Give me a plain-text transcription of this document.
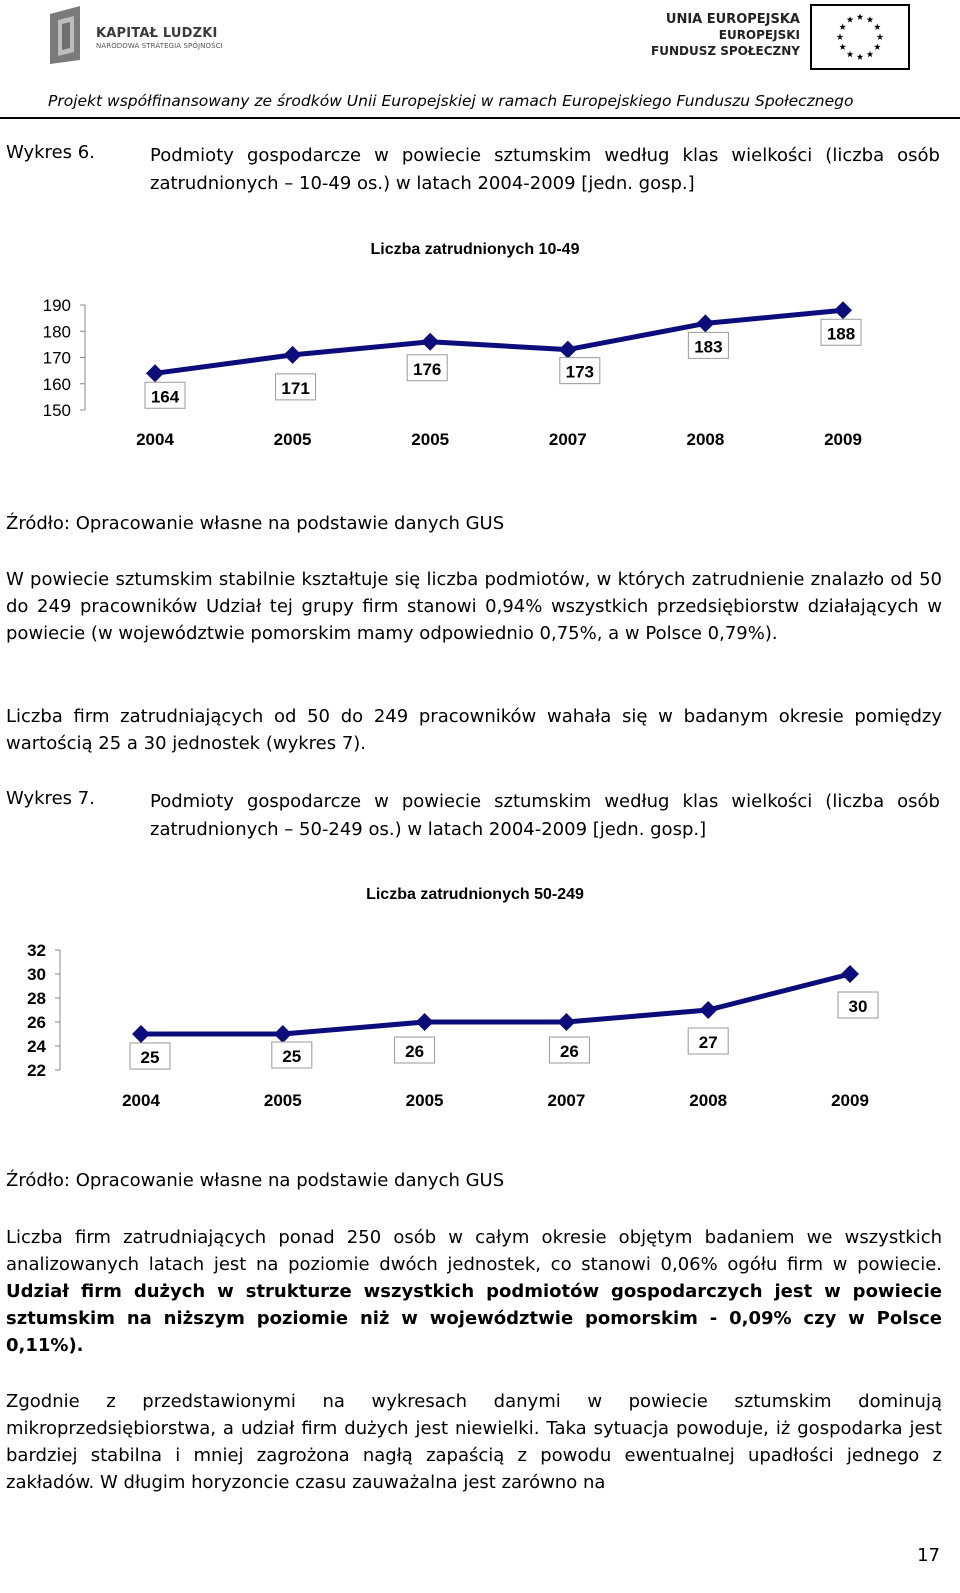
KAPITAŁ LUDZKI
NARODOWA STRATEGIA SPÓJNOŚCI
UNIA EUROPEJSKA
EUROPEJSKI
FUNDUSZ SPOŁECZNY
Projekt współfinansowany ze środków Unii Europejskiej w ramach Europejskiego Funduszu Społecznego
Wykres 6.	Podmioty gospodarcze w powiecie sztumskim według klas wielkości (liczba osób zatrudnionych – 10-49 os.) w latach 2004-2009 [jedn. gosp.]
Liczba zatrudnionych 10-49
150
160
170
180
190
2004	2005	2005	2007	2008	2009
164	171
176	173
183
188
Źródło: Opracowanie własne na podstawie danych GUS
W powiecie sztumskim stabilnie kształtuje się liczba podmiotów, w których zatrudnienie znalazło od 50 do 249 pracowników Udział tej grupy firm stanowi 0,94% wszystkich przedsiębiorstw działających w powiecie (w województwie pomorskim mamy odpowiednio 0,75%, a w Polsce 0,79%).
Liczba firm zatrudniających od 50 do 249 pracowników wahała się w badanym okresie pomiędzy wartością 25 a 30 jednostek (wykres 7).
Wykres 7.	Podmioty gospodarcze w powiecie sztumskim według klas wielkości (liczba osób zatrudnionych – 50-249 os.) w latach 2004-2009 [jedn. gosp.]
Liczba zatrudnionych 50-249
22
24
26
28
30
32
2004	2005	2005	2007	2008	2009
25	25	26	26	27
30
Źródło: Opracowanie własne na podstawie danych GUS
Liczba firm zatrudniających ponad 250 osób w całym okresie objętym badaniem we wszystkich analizowanych latach jest na poziomie dwóch jednostek, co stanowi 0,06% ogółu firm w powiecie. Udział firm dużych w strukturze wszystkich podmiotów gospodarczych jest w powiecie sztumskim na niższym poziomie niż w województwie pomorskim - 0,09% czy w Polsce 0,11%).
Zgodnie z przedstawionymi na wykresach danymi w powiecie sztumskim dominują mikroprzedsiębiorstwa, a udział firm dużych jest niewielki. Taka sytuacja powoduje, iż gospodarka jest bardziej stabilna i mniej zagrożona nagłą zapaścią z powodu ewentualnej upadłości jednego z zakładów. W długim horyzoncie czasu zauważalna jest zarówno na
17
